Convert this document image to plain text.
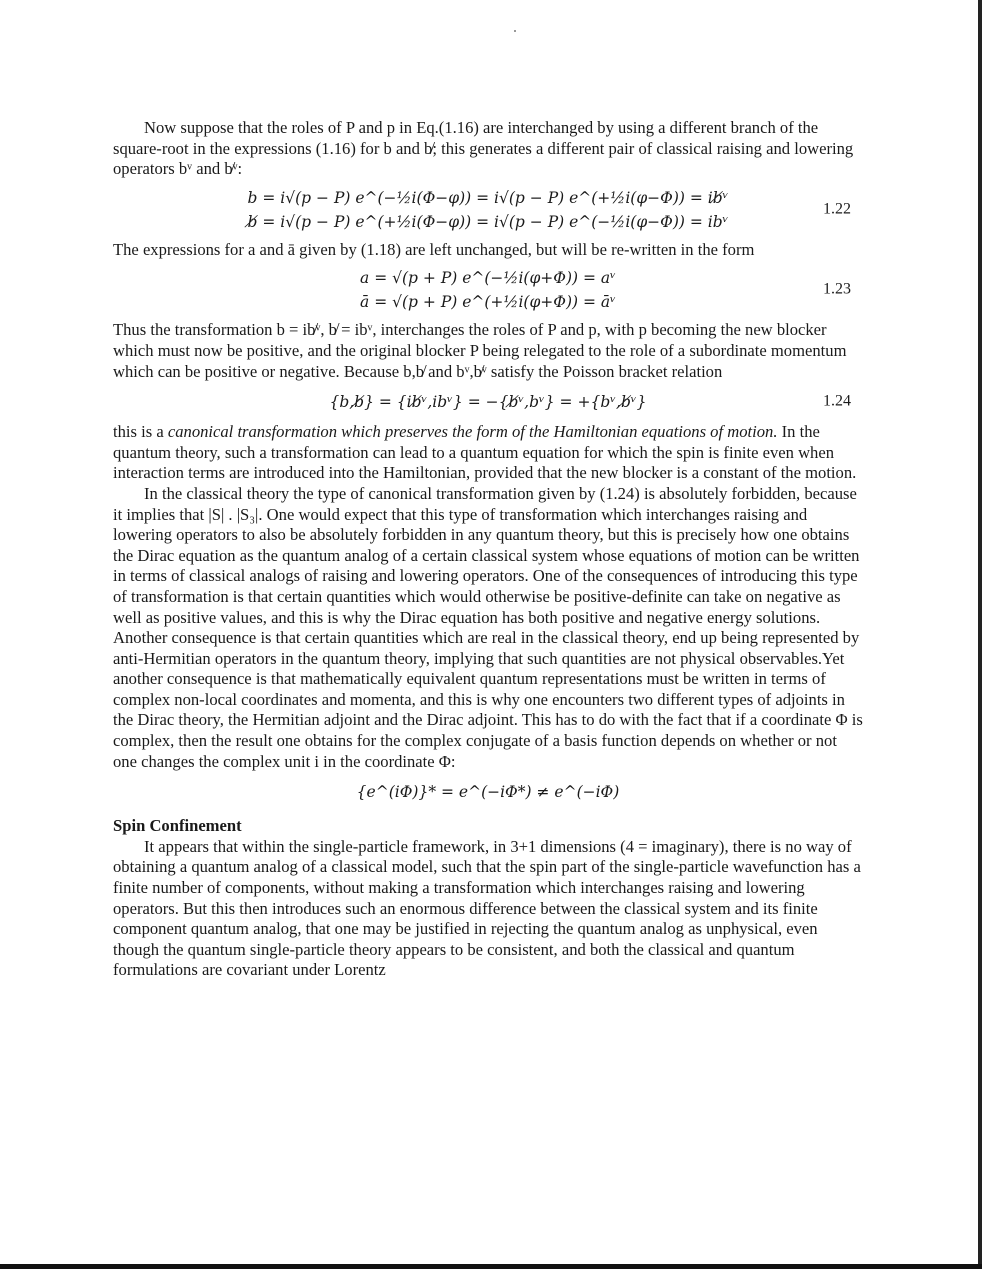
Now suppose that the roles of P and p in Eq.(1.16) are interchanged by using a different branch of the square-root in the expressions (1.16) for b and b̸; this generates a different pair of classical raising and lowering operators bᵛ and b̸ᵛ:

b = i√(p − P) e^(−½i(Φ−φ)) = i√(p − P) e^(+½i(φ−Φ)) = ib̸ᵛ
b̸ = i√(p − P) e^(+½i(Φ−φ)) = i√(p − P) e^(−½i(φ−Φ)) = ibᵛ
1.22

The expressions for a and ā given by (1.18) are left unchanged, but will be re-written in the form

a = √(p + P) e^(−½i(φ+Φ)) = aᵛ
ā = √(p + P) e^(+½i(φ+Φ)) = āᵛ
1.23

Thus the transformation b = ib̸ᵛ, b̸ = ibᵛ, interchanges the roles of P and p, with p becoming the new blocker which must now be positive, and the original blocker P being relegated to the role of a subordinate momentum which can be positive or negative. Because b,b̸ and bᵛ,b̸ᵛ satisfy the Poisson bracket relation

{b,b̸} = {ib̸ᵛ,ibᵛ} = −{b̸ᵛ,bᵛ} = +{bᵛ,b̸ᵛ}	1.24

this is a canonical transformation which preserves the form of the Hamiltonian equations of motion. In the quantum theory, such a transformation can lead to a quantum equation for which the spin is finite even when interaction terms are introduced into the Hamiltonian, provided that the new blocker is a constant of the motion.

In the classical theory the type of canonical transformation given by (1.24) is absolutely forbidden, because it implies that |S| . |S₃|. One would expect that this type of transformation which interchanges raising and lowering operators to also be absolutely forbidden in any quantum theory, but this is precisely how one obtains the Dirac equation as the quantum analog of a certain classical system whose equations of motion can be written in terms of classical analogs of raising and lowering operators. One of the consequences of introducing this type of transformation is that certain quantities which would otherwise be positive-definite can take on negative as well as positive values, and this is why the Dirac equation has both positive and negative energy solutions. Another consequence is that certain quantities which are real in the classical theory, end up being represented by anti-Hermitian operators in the quantum theory, implying that such quantities are not physical observables.Yet another consequence is that mathematically equivalent quantum representations must be written in terms of complex non-local coordinates and momenta, and this is why one encounters two different types of adjoints in the Dirac theory, the Hermitian adjoint and the Dirac adjoint. This has to do with the fact that if a coordinate Φ is complex, then the result one obtains for the complex conjugate of a basis function depends on whether or not one changes the complex unit i in the coordinate Φ:

{e^(iΦ)}* = e^(−iΦ*) ≠ e^(−iΦ)

Spin Confinement

It appears that within the single-particle framework, in 3+1 dimensions (4 = imaginary), there is no way of obtaining a quantum analog of a classical model, such that the spin part of the single-particle wavefunction has a finite number of components, without making a transformation which interchanges raising and lowering operators. But this then introduces such an enormous difference between the classical system and its finite component quantum analog, that one may be justified in rejecting the quantum analog as unphysical, even though the quantum single-particle theory appears to be consistent, and both the classical and quantum formulations are covariant under Lorentz
